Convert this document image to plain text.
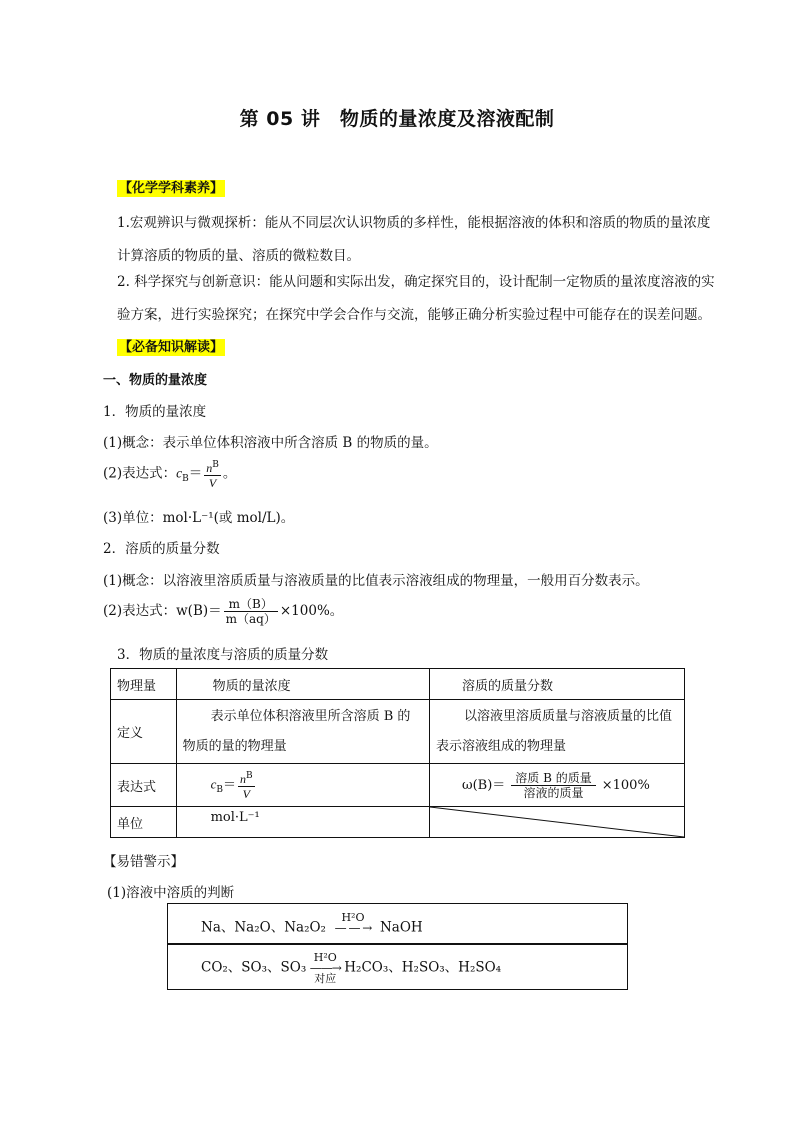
第 05 讲　物质的量浓度及溶液配制
【化学学科素养】
1.宏观辨识与微观探析：能从不同层次认识物质的多样性，能根据溶液的体积和溶质的物质的量浓度计算溶质的物质的量、溶质的微粒数目。
2. 科学探究与创新意识：能从问题和实际出发，确定探究目的，设计配制一定物质的量浓度溶液的实验方案，进行实验探究；在探究中学会合作与交流，能够正确分析实验过程中可能存在的误差问题。
【必备知识解读】
一、物质的量浓度
1．物质的量浓度
(1)概念：表示单位体积溶液中所含溶质 B 的物质的量。
(2)表达式：$c_B= \frac{n^B}{V}$ 。
(3)单位：mol·L⁻¹(或 mol/L)。
2．溶质的质量分数
(1)概念：以溶液里溶质质量与溶液质量的比值表示溶液组成的物理量，一般用百分数表示。
(2)表达式：$w(B)= \frac{m(B)}{m(aq)} \times 100\%$。
3．物质的量浓度与溶质的质量分数
物理量	物质的量浓度	溶质的质量分数
定义	表示单位体积溶液里所含溶质 B 的物质的量的物理量	以溶液里溶质质量与溶液质量的比值表示溶液组成的物理量
表达式	$c_B= \frac{n^B}{V}$	$\omega(B)= \frac{\text{溶质 B 的质量}}{\text{溶液的质量}} \times 100\%$
单位	mol·L⁻¹	
【易错警示】
(1)溶液中溶质的判断
Na、Na₂O、Na₂O₂
H²O
— — → NaOH
CO₂、SO₃、SO₃
H²O
——→
对应
H₂CO₃、H₂SO₃、H₂SO₄
